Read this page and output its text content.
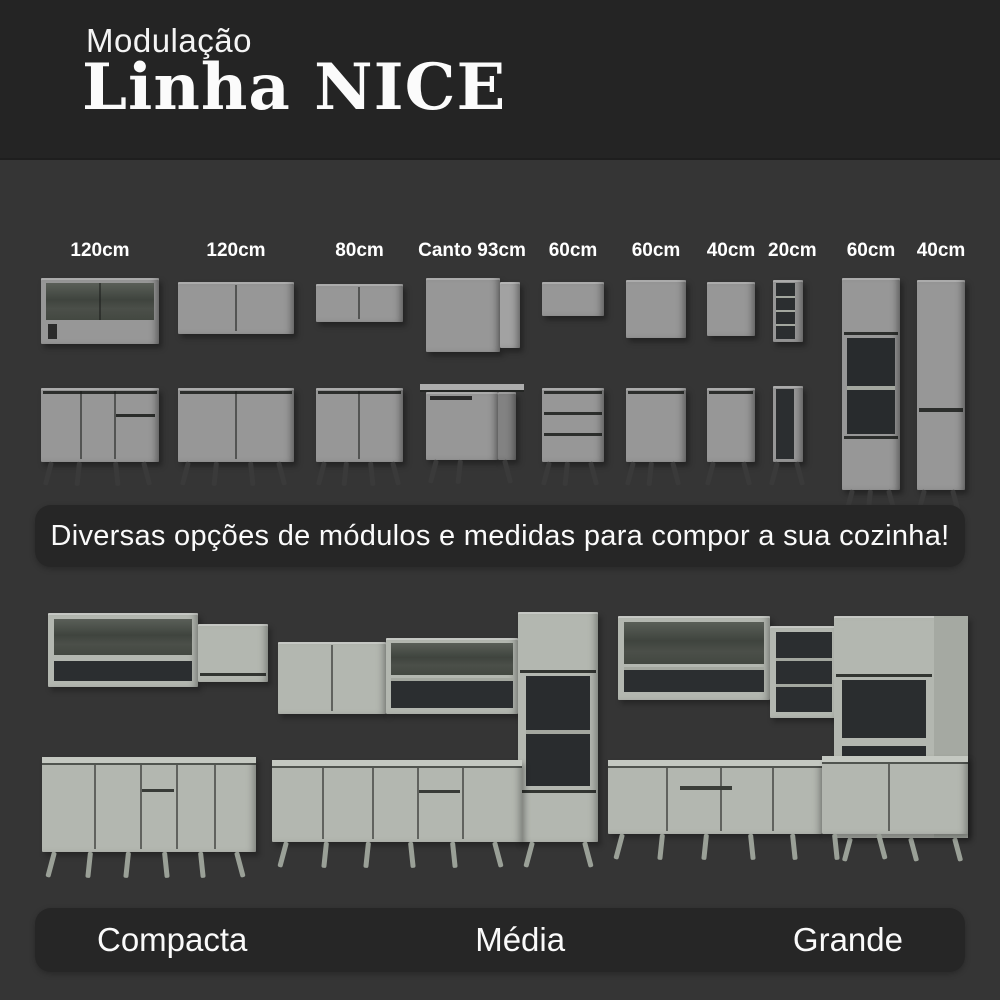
Modulação
Linha NICE
120cm	120cm	80cm	Canto 93cm	60cm	60cm	40cm 20cm	60cm	40cm
Diversas opções de módulos e medidas para compor a sua cozinha!
Compacta	Média	Grande
